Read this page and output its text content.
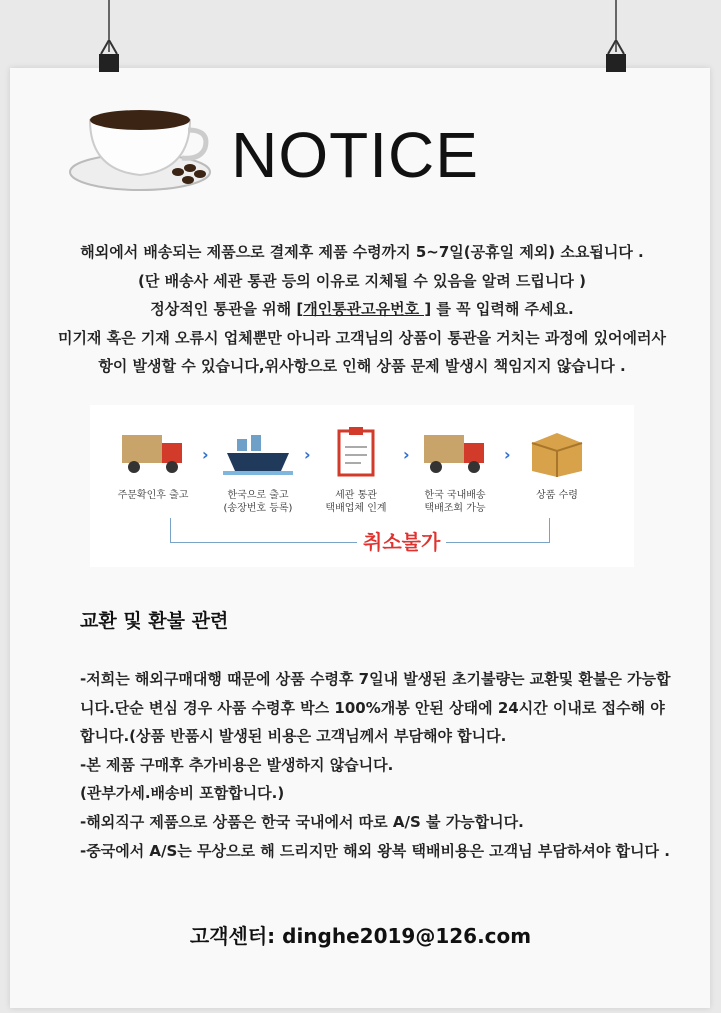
NOTICE
해외에서 배송되는 제품으로 결제후 제품 수령까지 5~7일(공휴일 제외) 소요됩니다 .
(단 배송사 세관 통관 등의 이유로 지체될 수 있음을 알려 드립니다 )
정상적인 통관을 위해 [개인통관고유번호 ] 를 꼭 입력해 주세요.
미기재 혹은 기재 오류시 업체뿐만 아니라 고객님의 상품이 통관을 거치는 과정에 있어에러사항이 발생할 수 있습니다,위사항으로 인해 상품 문제 발생시 책임지지 않습니다 .
주문확인후 출고
›
한국으로 출고
(송장번호 등록)
›
세관 통관
택배업체 인계
›
한국 국내배송
택배조회 가능
›
상품 수령
취소불가
교환 및 환불 관련

-저희는 해외구매대행 때문에 상품 수령후 7일내 발생된 초기불량는 교환및 환불은 가능합니다.단순 변심 경우 사품 수령후 박스 100%개봉 안된 상태에 24시간 이내로 접수해 야 합니다.(상품 반품시 발생된 비용은 고객님께서 부담해야 합니다.

-본 제품 구매후 추가비용은 발생하지 않습니다.

(관부가세.배송비 포함합니다.)

-해외직구 제품으로 상품은 한국 국내에서 따로 A/S 불 가능합니다.

-중국에서 A/S는 무상으로 해 드리지만 해외 왕복 택배비용은 고객님 부담하셔야 합니다 .

고객센터: dinghe2019@126.com
